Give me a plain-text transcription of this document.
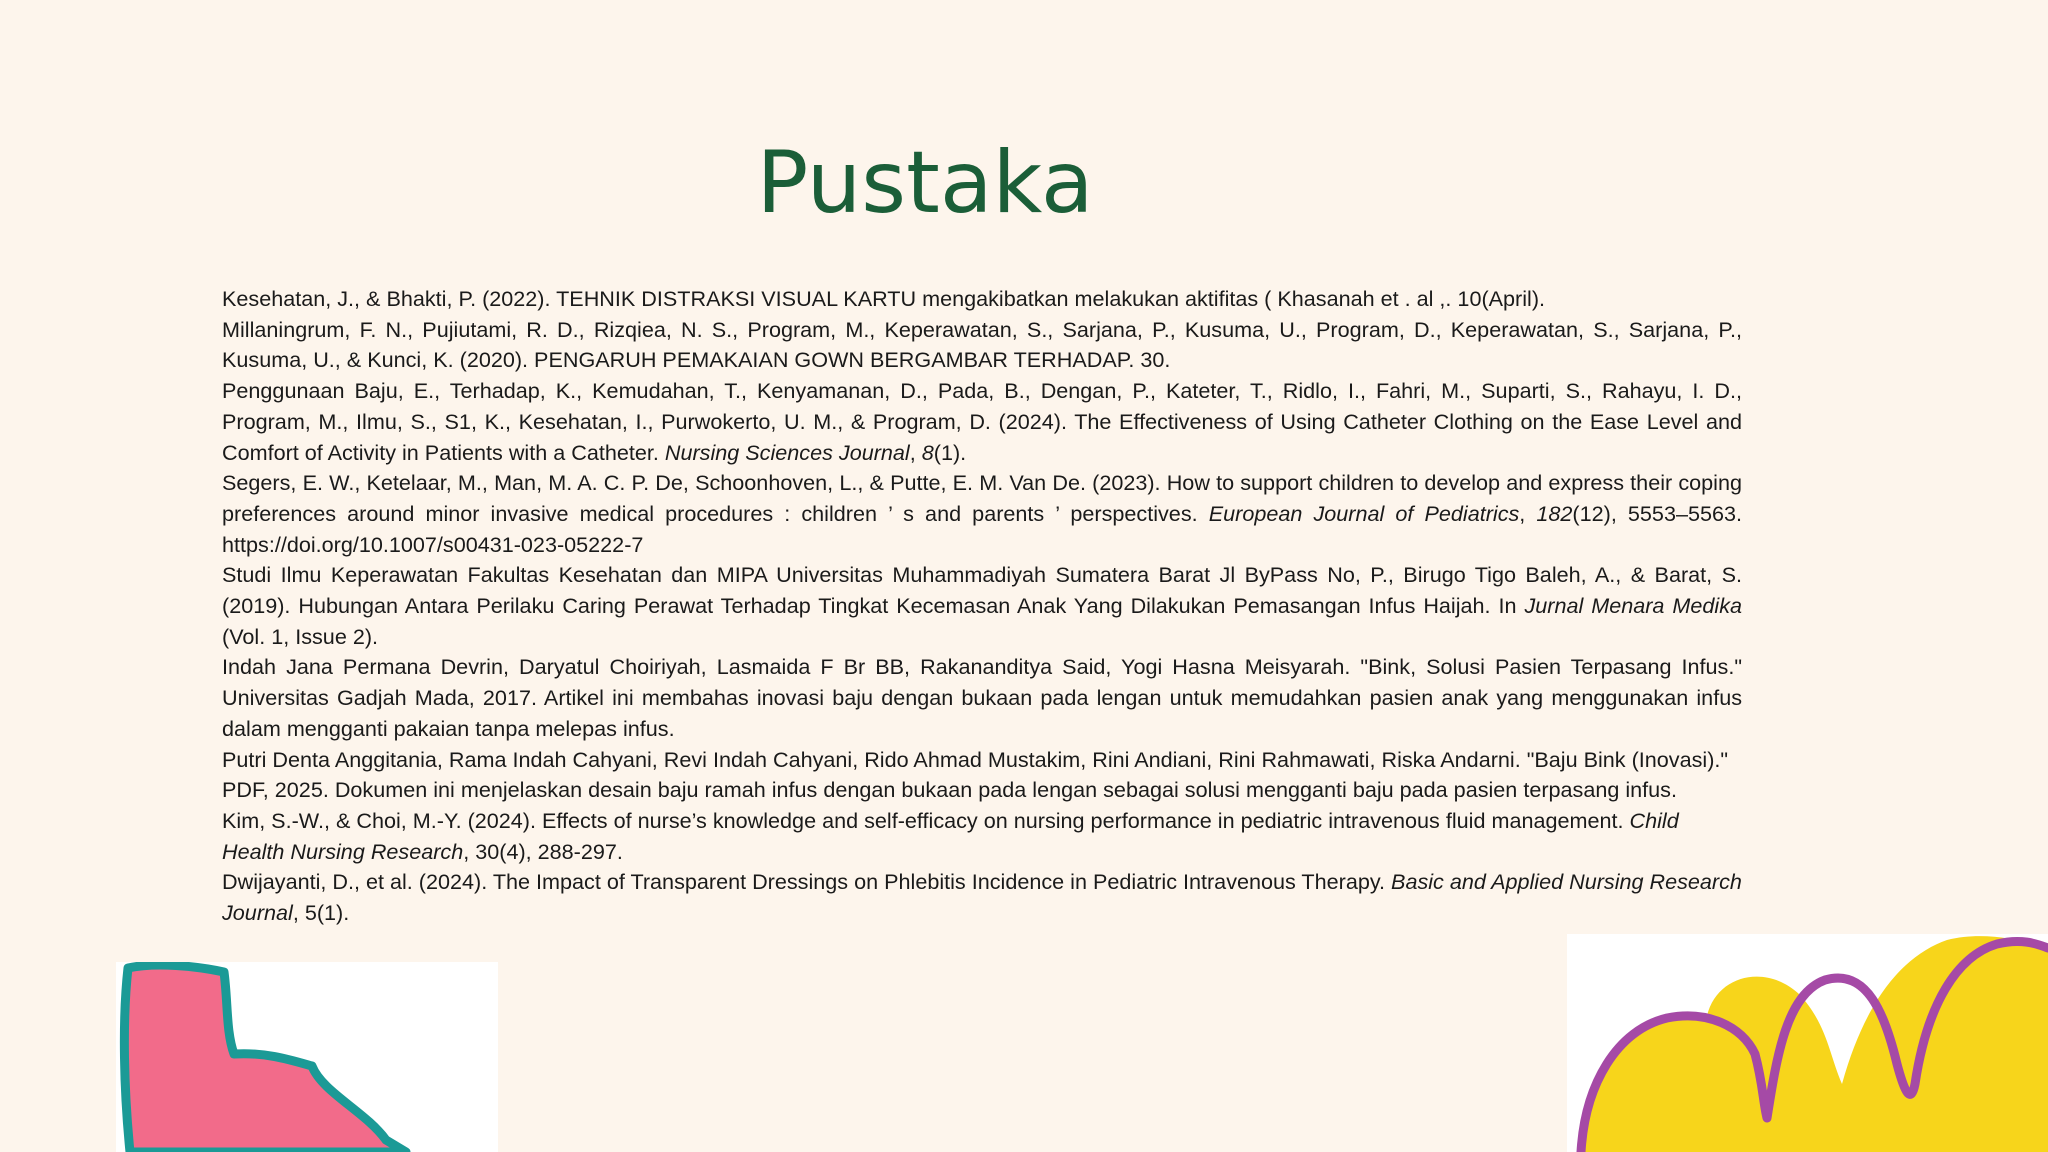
Pustaka

Kesehatan, J., & Bhakti, P. (2022). TEHNIK DISTRAKSI VISUAL KARTU mengakibatkan melakukan aktifitas ( Khasanah et . al ,. 10(April).

Millaningrum, F. N., Pujiutami, R. D., Rizqiea, N. S., Program, M., Keperawatan, S., Sarjana, P., Kusuma, U., Program, D., Keperawatan, S., Sarjana, P., Kusuma, U., & Kunci, K. (2020). PENGARUH PEMAKAIAN GOWN BERGAMBAR TERHADAP. 30.

Penggunaan Baju, E., Terhadap, K., Kemudahan, T., Kenyamanan, D., Pada, B., Dengan, P., Kateter, T., Ridlo, I., Fahri, M., Suparti, S., Rahayu, I. D., Program, M., Ilmu, S., S1, K., Kesehatan, I., Purwokerto, U. M., & Program, D. (2024). The Effectiveness of Using Catheter Clothing on the Ease Level and Comfort of Activity in Patients with a Catheter. Nursing Sciences Journal, 8(1).

Segers, E. W., Ketelaar, M., Man, M. A. C. P. De, Schoonhoven, L., & Putte, E. M. Van De. (2023). How to support children to develop and express their coping preferences around minor invasive medical procedures : children ’ s and parents ’ perspectives. European Journal of Pediatrics, 182(12), 5553–5563. https://doi.org/10.1007/s00431-023-05222-7

Studi Ilmu Keperawatan Fakultas Kesehatan dan MIPA Universitas Muhammadiyah Sumatera Barat Jl ByPass No, P., Birugo Tigo Baleh, A., & Barat, S. (2019). Hubungan Antara Perilaku Caring Perawat Terhadap Tingkat Kecemasan Anak Yang Dilakukan Pemasangan Infus Haijah. In Jurnal Menara Medika (Vol. 1, Issue 2).

Indah Jana Permana Devrin, Daryatul Choiriyah, Lasmaida F Br BB, Rakananditya Said, Yogi Hasna Meisyarah. "Bink, Solusi Pasien Terpasang Infus." Universitas Gadjah Mada, 2017. Artikel ini membahas inovasi baju dengan bukaan pada lengan untuk memudahkan pasien anak yang menggunakan infus dalam mengganti pakaian tanpa melepas infus.

Putri Denta Anggitania, Rama Indah Cahyani, Revi Indah Cahyani, Rido Ahmad Mustakim, Rini Andiani, Rini Rahmawati, Riska Andarni. "Baju Bink (Inovasi)." PDF, 2025. Dokumen ini menjelaskan desain baju ramah infus dengan bukaan pada lengan sebagai solusi mengganti baju pada pasien terpasang infus.

Kim, S.-W., & Choi, M.-Y. (2024). Effects of nurse’s knowledge and self-efficacy on nursing performance in pediatric intravenous fluid management. Child Health Nursing Research, 30(4), 288-297.

Dwijayanti, D., et al. (2024). The Impact of Transparent Dressings on Phlebitis Incidence in Pediatric Intravenous Therapy. Basic and Applied Nursing Research Journal, 5(1).
